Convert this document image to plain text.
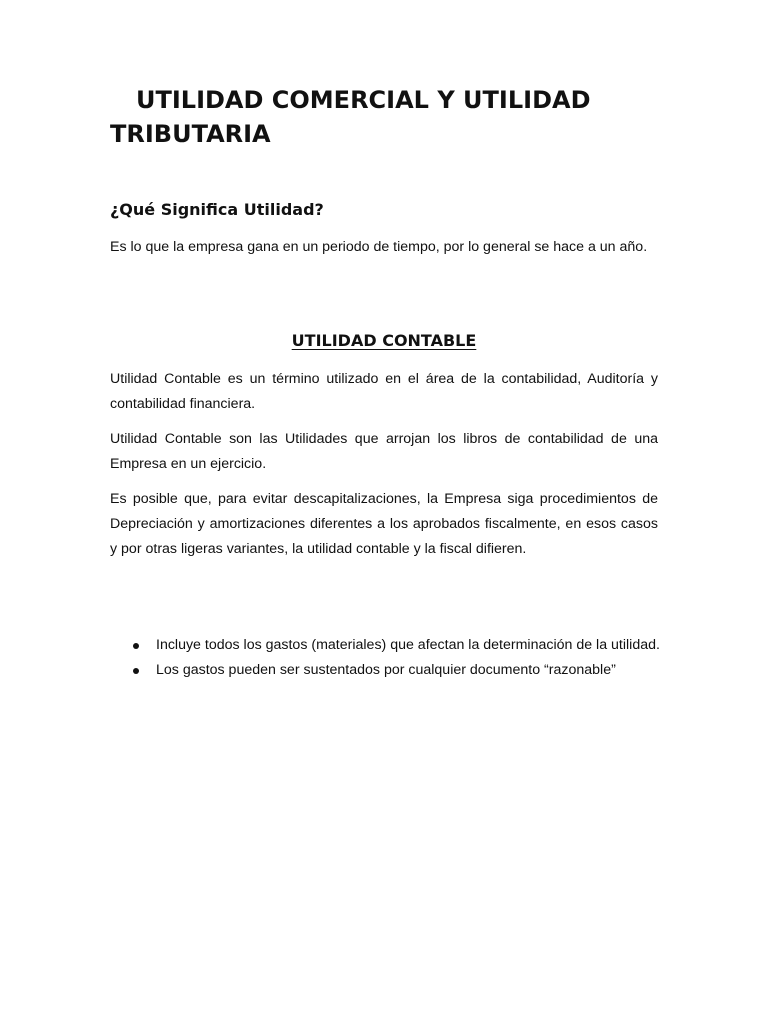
UTILIDAD COMERCIAL Y UTILIDAD TRIBUTARIA
¿Qué Significa Utilidad?

Es lo que la empresa gana en un periodo de tiempo, por lo general se hace a un año.

UTILIDAD CONTABLE

Utilidad Contable es un término utilizado en el área de la contabilidad, Auditoría y contabilidad financiera.

Utilidad Contable son las Utilidades que arrojan los libros de contabilidad de una Empresa en un ejercicio.

Es posible que, para evitar descapitalizaciones, la Empresa siga procedimientos de Depreciación y amortizaciones diferentes a los aprobados fiscalmente, en esos casos y por otras ligeras variantes, la utilidad contable y la fiscal difieren.

Incluye todos los gastos (materiales) que afectan la determinación de la utilidad.
Los gastos pueden ser sustentados por cualquier documento “razonable”
